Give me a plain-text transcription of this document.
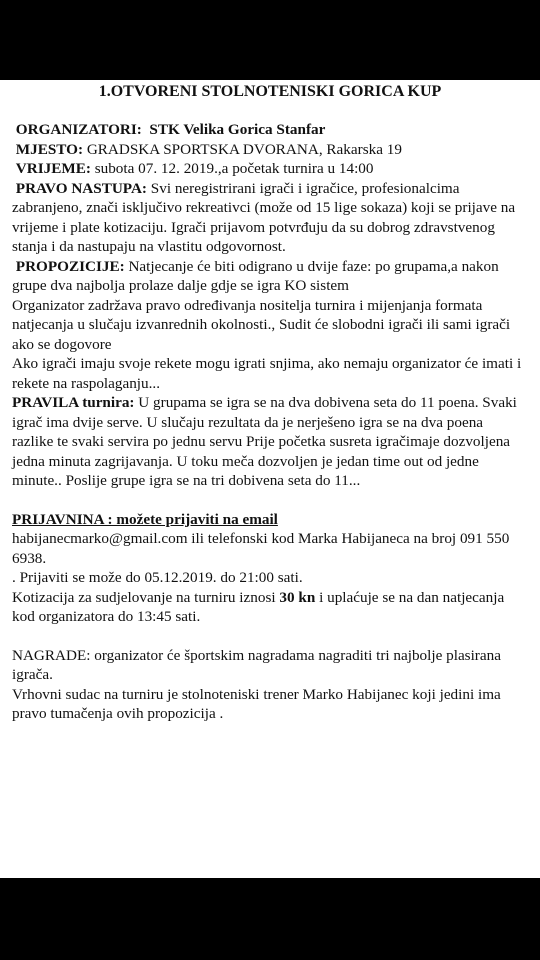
1.OTVORENI STOLNOTENISKI GORICA KUP

ORGANIZATORI: STK Velika Gorica Stanfar

MJESTO: GRADSKA SPORTSKA DVORANA, Rakarska 19

VRIJEME: subota 07. 12. 2019.,a početak turnira u 14:00

PRAVO NASTUPA: Svi neregistrirani igrači i igračice, profesionalcima zabranjeno, znači isključivo rekreativci (može od 15 lige sokaza) koji se prijave na vrijeme i plate kotizaciju. Igrači prijavom potvrđuju da su dobrog zdravstvenog stanja i da nastupaju na vlastitu odgovornost.

PROPOZICIJE: Natjecanje će biti odigrano u dvije faze: po grupama,a nakon grupe dva najbolja prolaze dalje gdje se igra KO sistem

Organizator zadržava pravo određivanja nositelja turnira i mijenjanja formata natjecanja u slučaju izvanrednih okolnosti., Sudit će slobodni igrači ili sami igrači ako se dogovore

Ako igrači imaju svoje rekete mogu igrati snjima, ako nemaju organizator će imati i rekete na raspolaganju...

PRAVILA turnira: U grupama se igra se na dva dobivena seta do 11 poena. Svaki igrač ima dvije serve. U slučaju rezultata da je nerješeno igra se na dva poena razlike te svaki servira po jednu servu Prije početka susreta igračimaje dozvoljena jedna minuta zagrijavanja. U toku meča dozvoljen je jedan time out od jedne minute.. Poslije grupe igra se na tri dobivena seta do 11...

PRIJAVNINA : možete prijaviti na email

habijanecmarko@gmail.com ili telefonski kod Marka Habijaneca na broj 091 550 6938.

. Prijaviti se može do 05.12.2019. do 21:00 sati.

Kotizacija za sudjelovanje na turniru iznosi 30 kn i uplaćuje se na dan natjecanja kod organizatora do 13:45 sati.

NAGRADE: organizator će športskim nagradama nagraditi tri najbolje plasirana igrača.

Vrhovni sudac na turniru je stolnoteniski trener Marko Habijanec koji jedini ima pravo tumačenja ovih propozicija .
